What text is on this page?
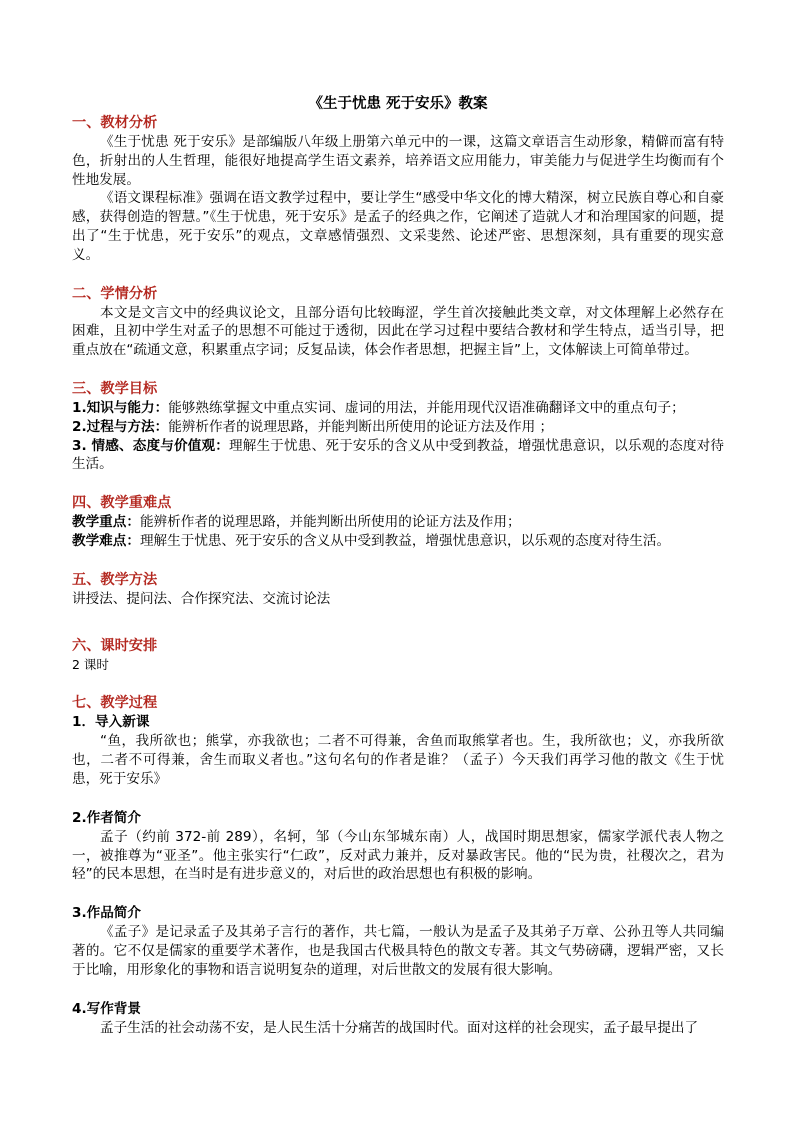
《生于忧患 死于安乐》教案
一、教材分析

《生于忧患 死于安乐》是部编版八年级上册第六单元中的一课，这篇文章语言生动形象，精僻而富有特色，折射出的人生哲理，能很好地提高学生语文素养，培养语文应用能力，审美能力与促进学生均衡而有个性地发展。

《语文课程标准》强调在语文教学过程中，要让学生“感受中华文化的博大精深，树立民族自尊心和自豪感，获得创造的智慧。”《生于忧患，死于安乐》是孟子的经典之作，它阐述了造就人才和治理国家的问题，提出了“生于忧患，死于安乐”的观点，文章感情强烈、文采斐然、论述严密、思想深刻，具有重要的现实意义。

二、学情分析

本文是文言文中的经典议论文，且部分语句比较晦涩，学生首次接触此类文章，对文体理解上必然存在困难，且初中学生对孟子的思想不可能过于透彻，因此在学习过程中要结合教材和学生特点，适当引导，把重点放在“疏通文意，积累重点字词；反复品读，体会作者思想，把握主旨”上，文体解读上可简单带过。

三、教学目标

1.知识与能力：能够熟练掌握文中重点实词、虚词的用法，并能用现代汉语准确翻译文中的重点句子；

2.过程与方法：能辨析作者的说理思路，并能判断出所使用的论证方法及作用 ；

3. 情感、态度与价值观：理解生于忧患、死于安乐的含义从中受到教益，增强忧患意识，以乐观的态度对待生活。

四、教学重难点

教学重点：能辨析作者的说理思路，并能判断出所使用的论证方法及作用；

教学难点：理解生于忧患、死于安乐的含义从中受到教益，增强忧患意识，以乐观的态度对待生活。

五、教学方法

讲授法、提问法、合作探究法、交流讨论法

六、课时安排

2 课时

七、教学过程
1．导入新课

“鱼，我所欲也；熊掌，亦我欲也；二者不可得兼，舍鱼而取熊掌者也。生，我所欲也；义，亦我所欲也，二者不可得兼，舍生而取义者也。”这句名句的作者是谁？（孟子）今天我们再学习他的散文《生于忧患，死于安乐》

2.作者简介

孟子（约前 372-前 289），名轲，邹（今山东邹城东南）人，战国时期思想家，儒家学派代表人物之一，被推尊为“亚圣”。他主张实行“仁政”，反对武力兼并，反对暴政害民。他的“民为贵，社稷次之，君为轻”的民本思想，在当时是有进步意义的，对后世的政治思想也有积极的影响。

3.作品简介

《孟子》是记录孟子及其弟子言行的著作，共七篇，一般认为是孟子及其弟子万章、公孙丑等人共同编著的。它不仅是儒家的重要学术著作，也是我国古代极具特色的散文专著。其文气势磅礴，逻辑严密，又长于比喻，用形象化的事物和语言说明复杂的道理，对后世散文的发展有很大影响。

4.写作背景

孟子生活的社会动荡不安，是人民生活十分痛苦的战国时代。面对这样的社会现实，孟子最早提出了
